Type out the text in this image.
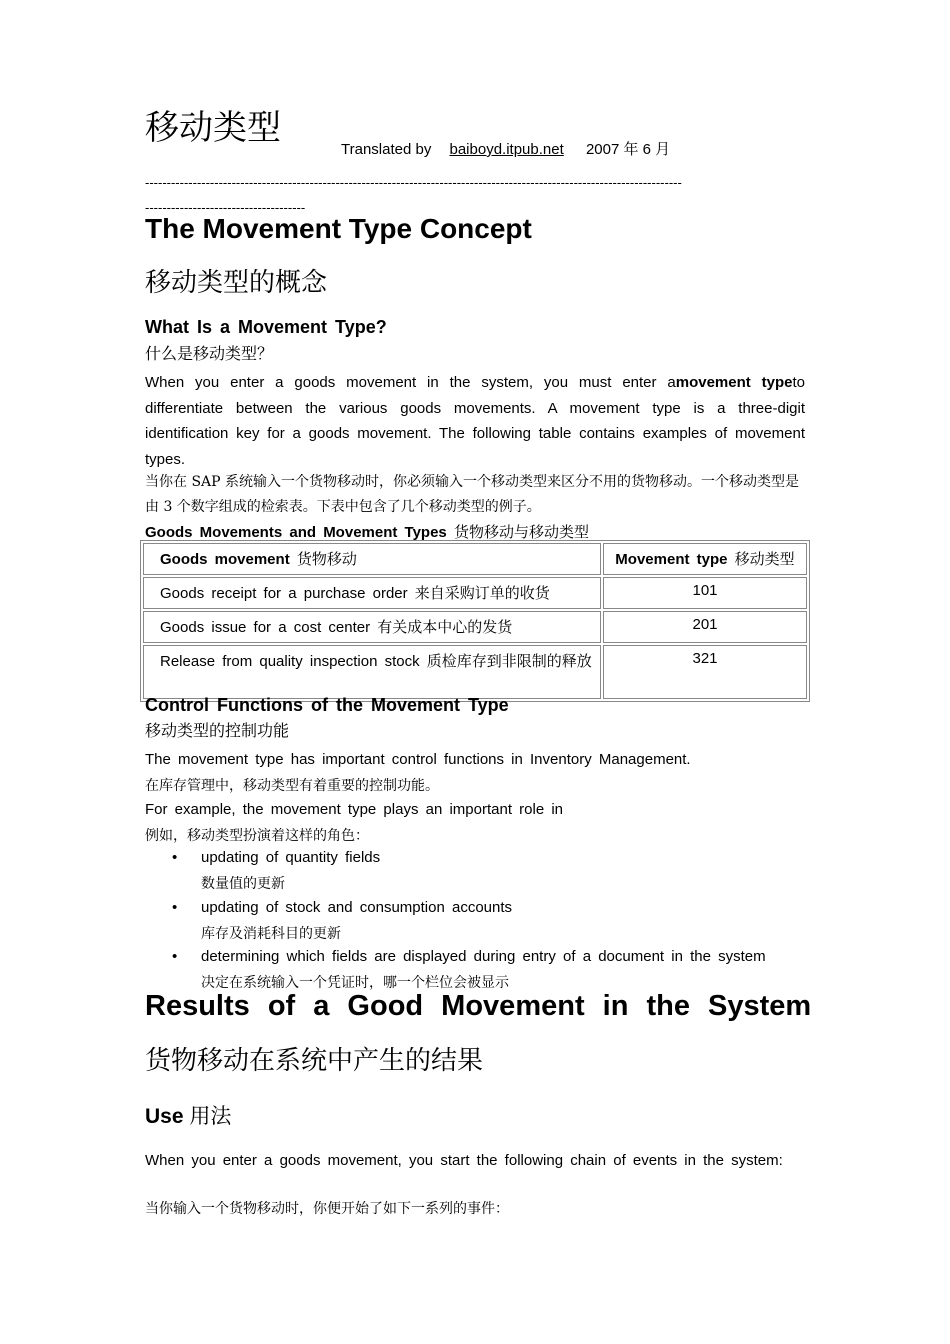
移动类型
Translated by baiboyd.itpub.net 2007 年 6 月
----------------------------------------------------------------------------------------------------------------------------
-------------------------------------
The Movement Type Concept
移动类型的概念
What Is a Movement Type?
什么是移动类型？
When you enter a goods movement in the system, you must enter amovement typeto differentiate between the various goods movements. A movement type is a three-digit identification key for a goods movement. The following table contains examples of movement types.
当你在 SAP 系统输入一个货物移动时，你必须输入一个移动类型来区分不用的货物移动。一个移动类型是由 3 个数字组成的检索表。下表中包含了几个移动类型的例子。
Goods Movements and Movement Types 货物移动与移动类型
Goods movement 货物移动	Movement type 移动类型
Goods receipt for a purchase order 来自采购订单的收货	101
Goods issue for a cost center 有关成本中心的发货	201
Release from quality inspection stock 质检库存到非限制的释放	321
Control Functions of the Movement Type
移动类型的控制功能
The movement type has important control functions in Inventory Management.
在库存管理中，移动类型有着重要的控制功能。
For example, the movement type plays an important role in
例如，移动类型扮演着这样的角色：
• updating of quantity fields
数量值的更新
• updating of stock and consumption accounts
库存及消耗科目的更新
• determining which fields are displayed during entry of a document in the system
决定在系统输入一个凭证时，哪一个栏位会被显示
Results of a Good Movement in the System
货物移动在系统中产生的结果
Use 用法
When you enter a goods movement, you start the following chain of events in the system:
当你输入一个货物移动时，你便开始了如下一系列的事件：
